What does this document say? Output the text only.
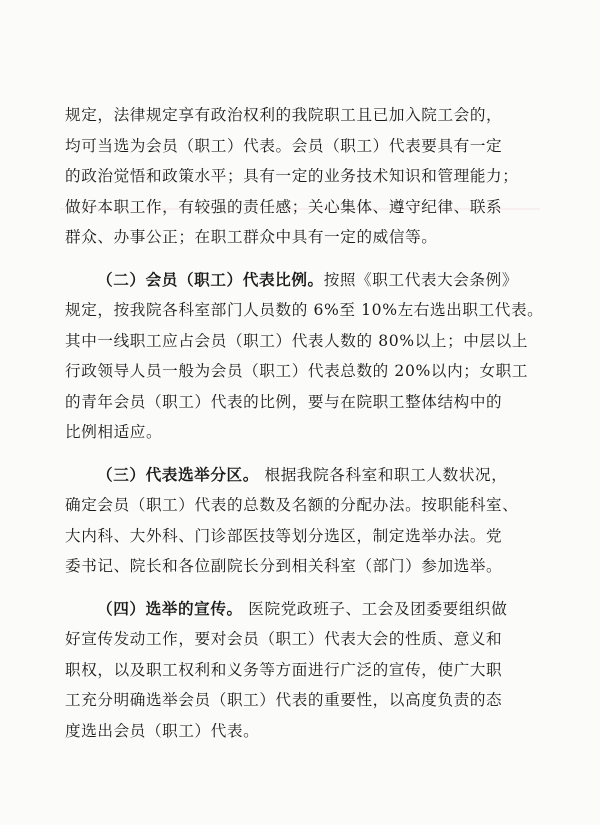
规定，法律规定享有政治权利的我院职工且已加入院工会的，
均可当选为会员（职工）代表。会员（职工）代表要具有一定
的政治觉悟和政策水平；具有一定的业务技术知识和管理能力；
做好本职工作，有较强的责任感；关心集体、遵守纪律、联系
群众、办事公正；在职工群众中具有一定的威信等。
（二）会员（职工）代表比例。按照《职工代表大会条例》
规定，按我院各科室部门人员数的 6%至 10%左右选出职工代表。
其中一线职工应占会员（职工）代表人数的 80%以上；中层以上
行政领导人员一般为会员（职工）代表总数的 20%以内；女职工
的青年会员（职工）代表的比例，要与在院职工整体结构中的
比例相适应。
（三）代表选举分区。 根据我院各科室和职工人数状况，
确定会员（职工）代表的总数及名额的分配办法。按职能科室、
大内科、大外科、门诊部医技等划分选区，制定选举办法。党
委书记、院长和各位副院长分到相关科室（部门）参加选举。
（四）选举的宣传。 医院党政班子、工会及团委要组织做
好宣传发动工作，要对会员（职工）代表大会的性质、意义和
职权，以及职工权利和义务等方面进行广泛的宣传，使广大职
工充分明确选举会员（职工）代表的重要性，以高度负责的态
度选出会员（职工）代表。
